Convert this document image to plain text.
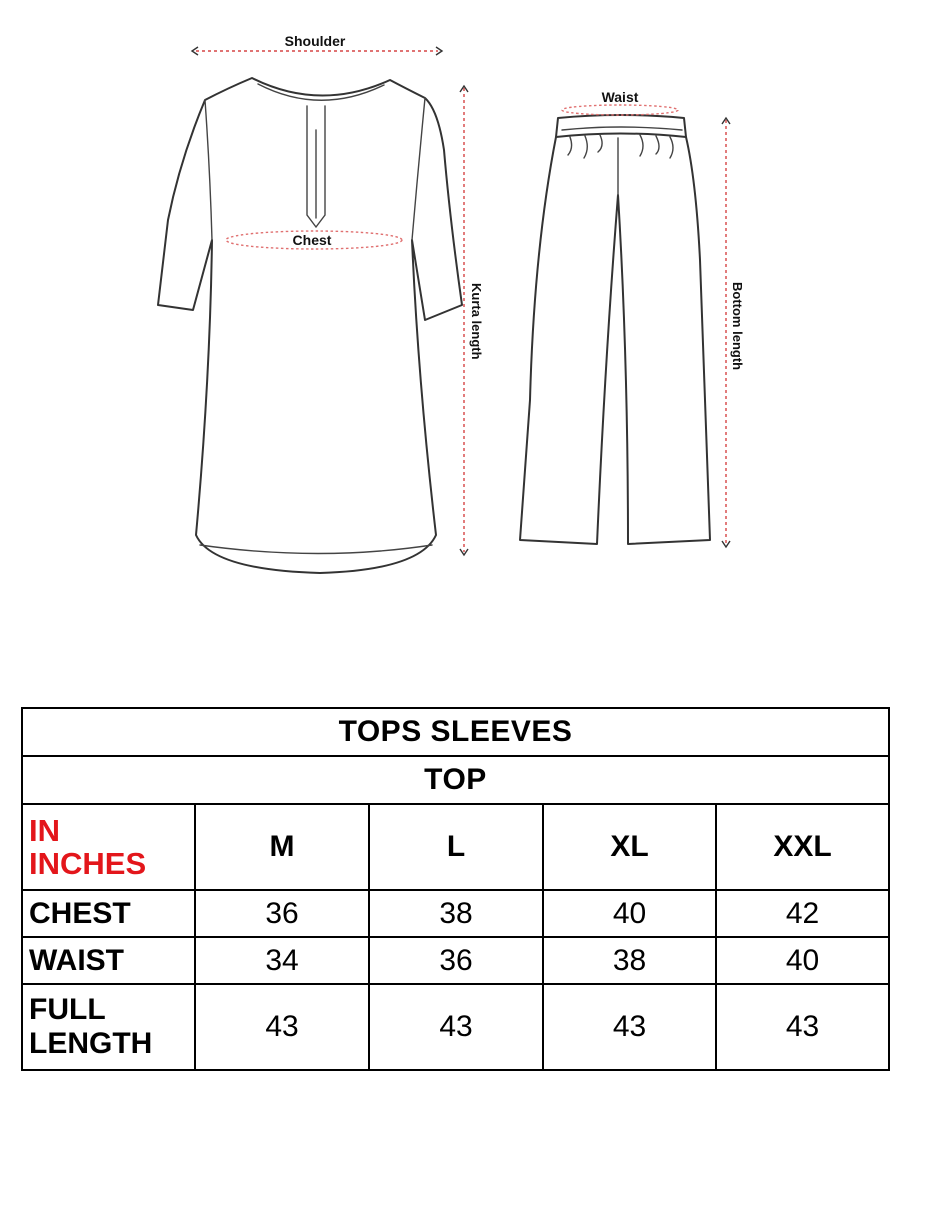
Shoulder
Chest
Kurta length
Waist
Bottom length
TOPS SLEEVES				
TOP				
IN
INCHES	M	L	XL	XXL
CHEST	36	38	40	42
WAIST	34	36	38	40
FULL
LENGTH	43	43	43	43
